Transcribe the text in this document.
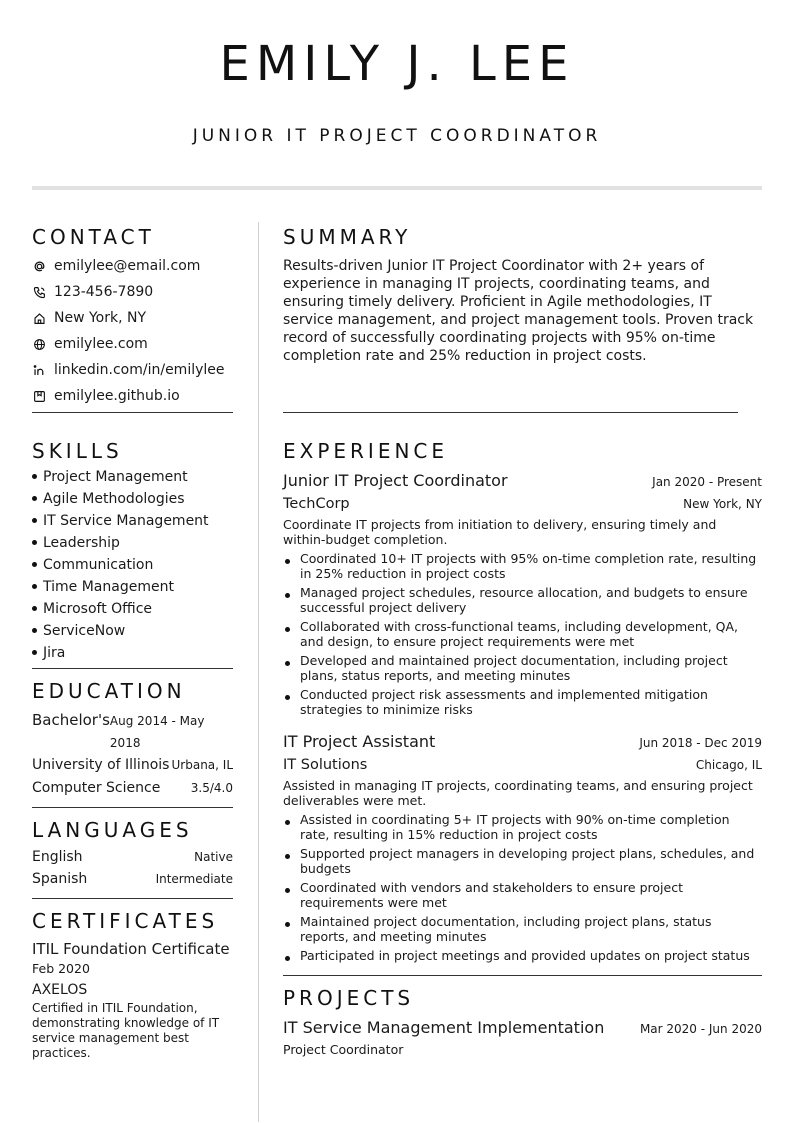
EMILY J. LEE
JUNIOR IT PROJECT COORDINATOR
CONTACT
emilylee@email.com
123-456-7890
New York, NY
emilylee.com
linkedin.com/in/emilylee
emilylee.github.io
SKILLS
Project Management
Agile Methodologies
IT Service Management
Leadership
Communication
Time Management
Microsoft Office
ServiceNow
Jira
EDUCATION
Bachelor's Aug 2014 - May 2018
University of Illinois Urbana, IL
Computer Science	3.5/4.0
LANGUAGES
English	Native
Spanish	Intermediate
CERTIFICATES
ITIL Foundation Certificate
Feb 2020
AXELOS
Certified in ITIL Foundation, demonstrating knowledge of IT service management best practices.
SUMMARY
Results-driven Junior IT Project Coordinator with 2+ years of experience in managing IT projects, coordinating teams, and ensuring timely delivery. Proficient in Agile methodologies, IT service management, and project management tools. Proven track record of successfully coordinating projects with 95% on-time completion rate and 25% reduction in project costs.
EXPERIENCE
Junior IT Project Coordinator	Jan 2020 - Present
TechCorp	New York, NY
Coordinate IT projects from initiation to delivery, ensuring timely and within-budget completion.
Coordinated 10+ IT projects with 95% on-time completion rate, resulting in 25% reduction in project costs
Managed project schedules, resource allocation, and budgets to ensure successful project delivery
Collaborated with cross-functional teams, including development, QA, and design, to ensure project requirements were met
Developed and maintained project documentation, including project plans, status reports, and meeting minutes
Conducted project risk assessments and implemented mitigation strategies to minimize risks
IT Project Assistant	Jun 2018 - Dec 2019
IT Solutions	Chicago, IL
Assisted in managing IT projects, coordinating teams, and ensuring project deliverables were met.
Assisted in coordinating 5+ IT projects with 90% on-time completion rate, resulting in 15% reduction in project costs
Supported project managers in developing project plans, schedules, and budgets
Coordinated with vendors and stakeholders to ensure project requirements were met
Maintained project documentation, including project plans, status reports, and meeting minutes
Participated in project meetings and provided updates on project status
PROJECTS
IT Service Management Implementation	Mar 2020 - Jun 2020
Project Coordinator
